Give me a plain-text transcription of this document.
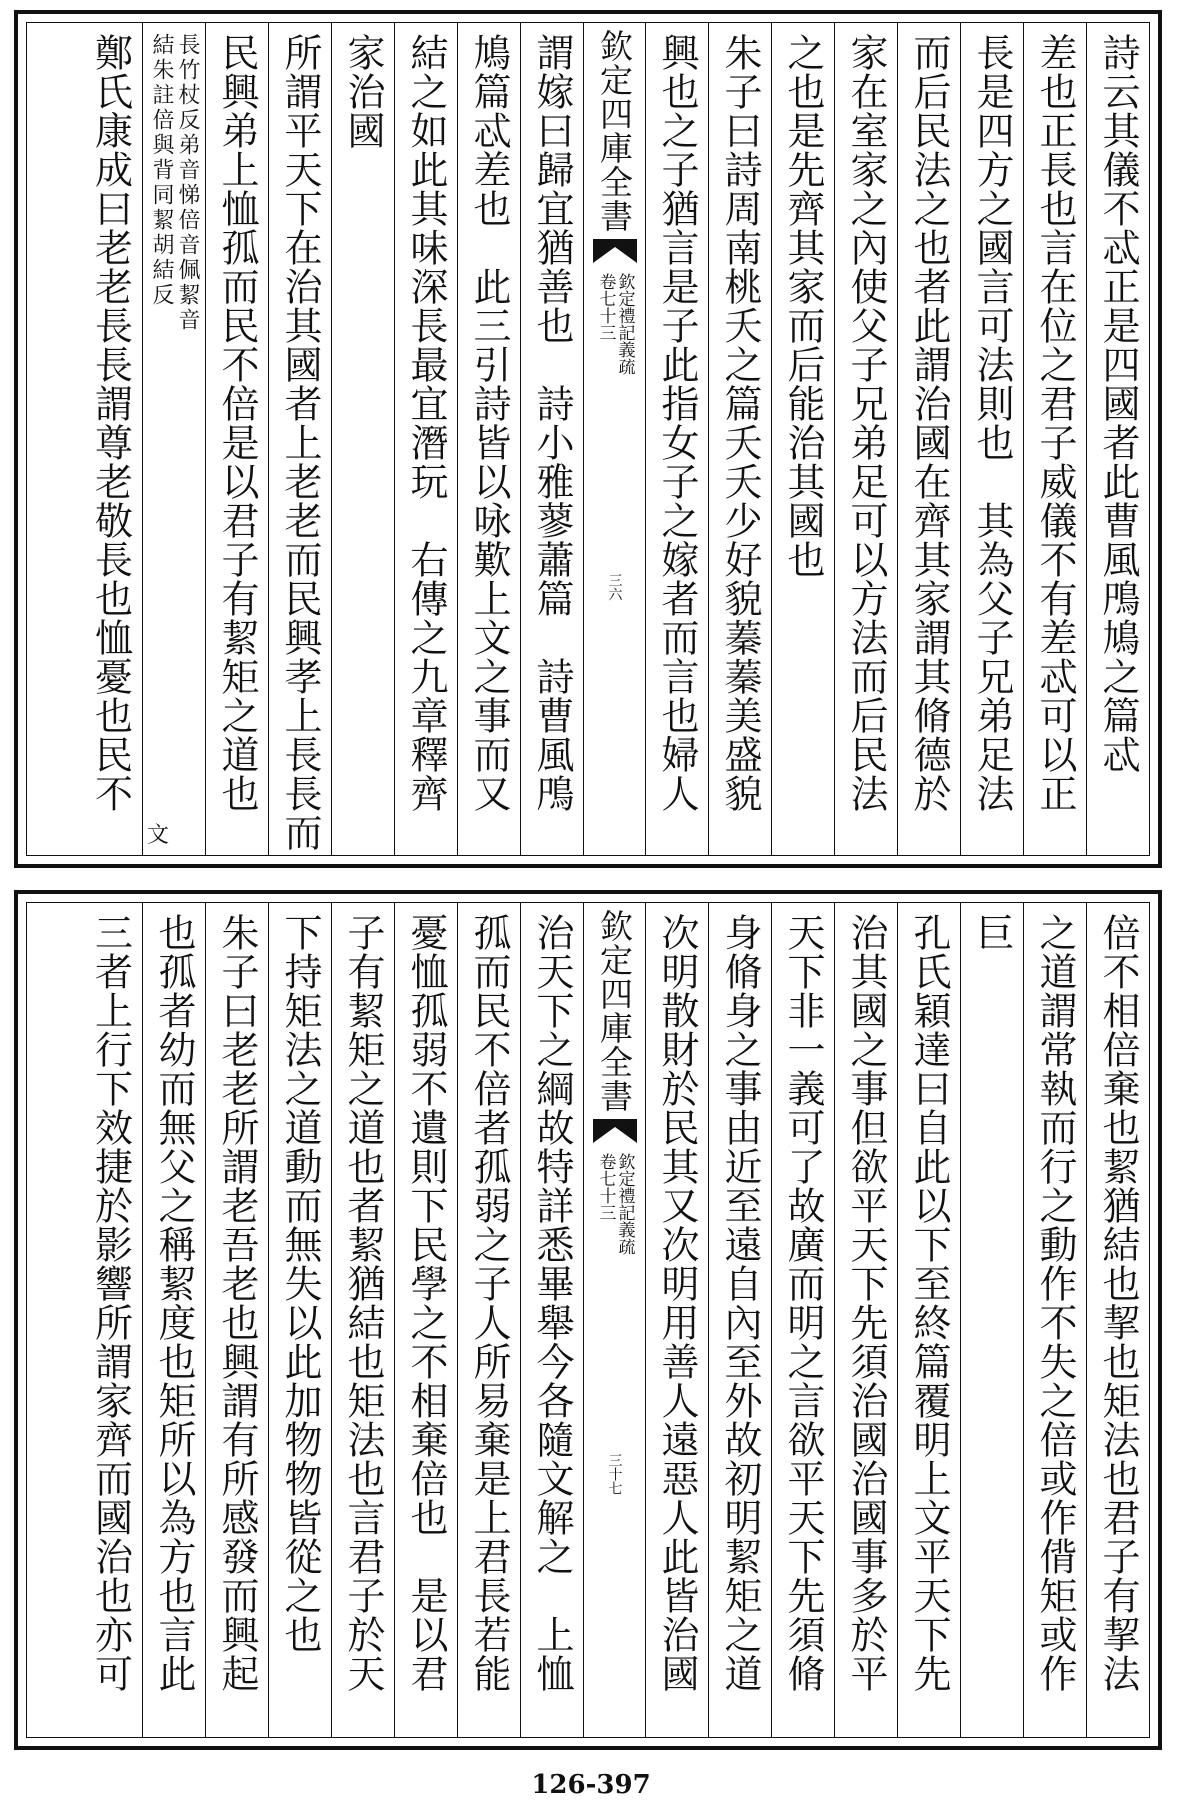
詩云其儀不忒正是四國者此曹風鳲鳩之篇忒
差也正長也言在位之君子威儀不有差忒可以正
長是四方之國言可法則也　其為父子兄弟足法
而后民法之也者此謂治國在齊其家謂其脩德於
家在室家之內使父子兄弟足可以方法而后民法
之也是先齊其家而后能治其國也
朱子曰詩周南桃夭之篇夭夭少好貌蓁蓁美盛貌
興也之子猶言是子此指女子之嫁者而言也婦人
欽定四庫全書
欽定禮記義疏
卷七十三
三六
謂嫁曰歸宜猶善也　詩小雅蓼蕭篇　詩曹風鳲
鳩篇忒差也　此三引詩皆以咏歎上文之事而又
結之如此其味深長最宜潛玩　右傳之九章釋齊
家治國
所謂平天下在治其國者上老老而民興孝上長長而
民興弟上恤孤而民不倍是以君子有絜矩之道也
長竹杖反弟音悌倍音佩絜音
結朱註倍與背同絜胡結反
文
鄭氏康成曰老老長長謂尊老敬長也恤憂也民不
倍不相倍棄也絜猶結也挈也矩法也君子有挈法
之道謂常執而行之動作不失之倍或作偝矩或作
巨
孔氏穎達曰自此以下至終篇覆明上文平天下先
治其國之事但欲平天下先須治國治國事多於平
天下非一義可了故廣而明之言欲平天下先須脩
身脩身之事由近至遠自內至外故初明絜矩之道
次明散財於民其又次明用善人遠惡人此皆治國
欽定四庫全書
欽定禮記義疏
卷七十三
三十七
治天下之綱故特詳悉畢舉今各隨文解之　上恤
孤而民不倍者孤弱之子人所易棄是上君長若能
憂恤孤弱不遺則下民學之不相棄倍也　是以君
子有絜矩之道也者絜猶結也矩法也言君子於天
下持矩法之道動而無失以此加物物皆從之也
朱子曰老老所謂老吾老也興謂有所感發而興起
也孤者幼而無父之稱絜度也矩所以為方也言此
三者上行下效捷於影響所謂家齊而國治也亦可
126-397
